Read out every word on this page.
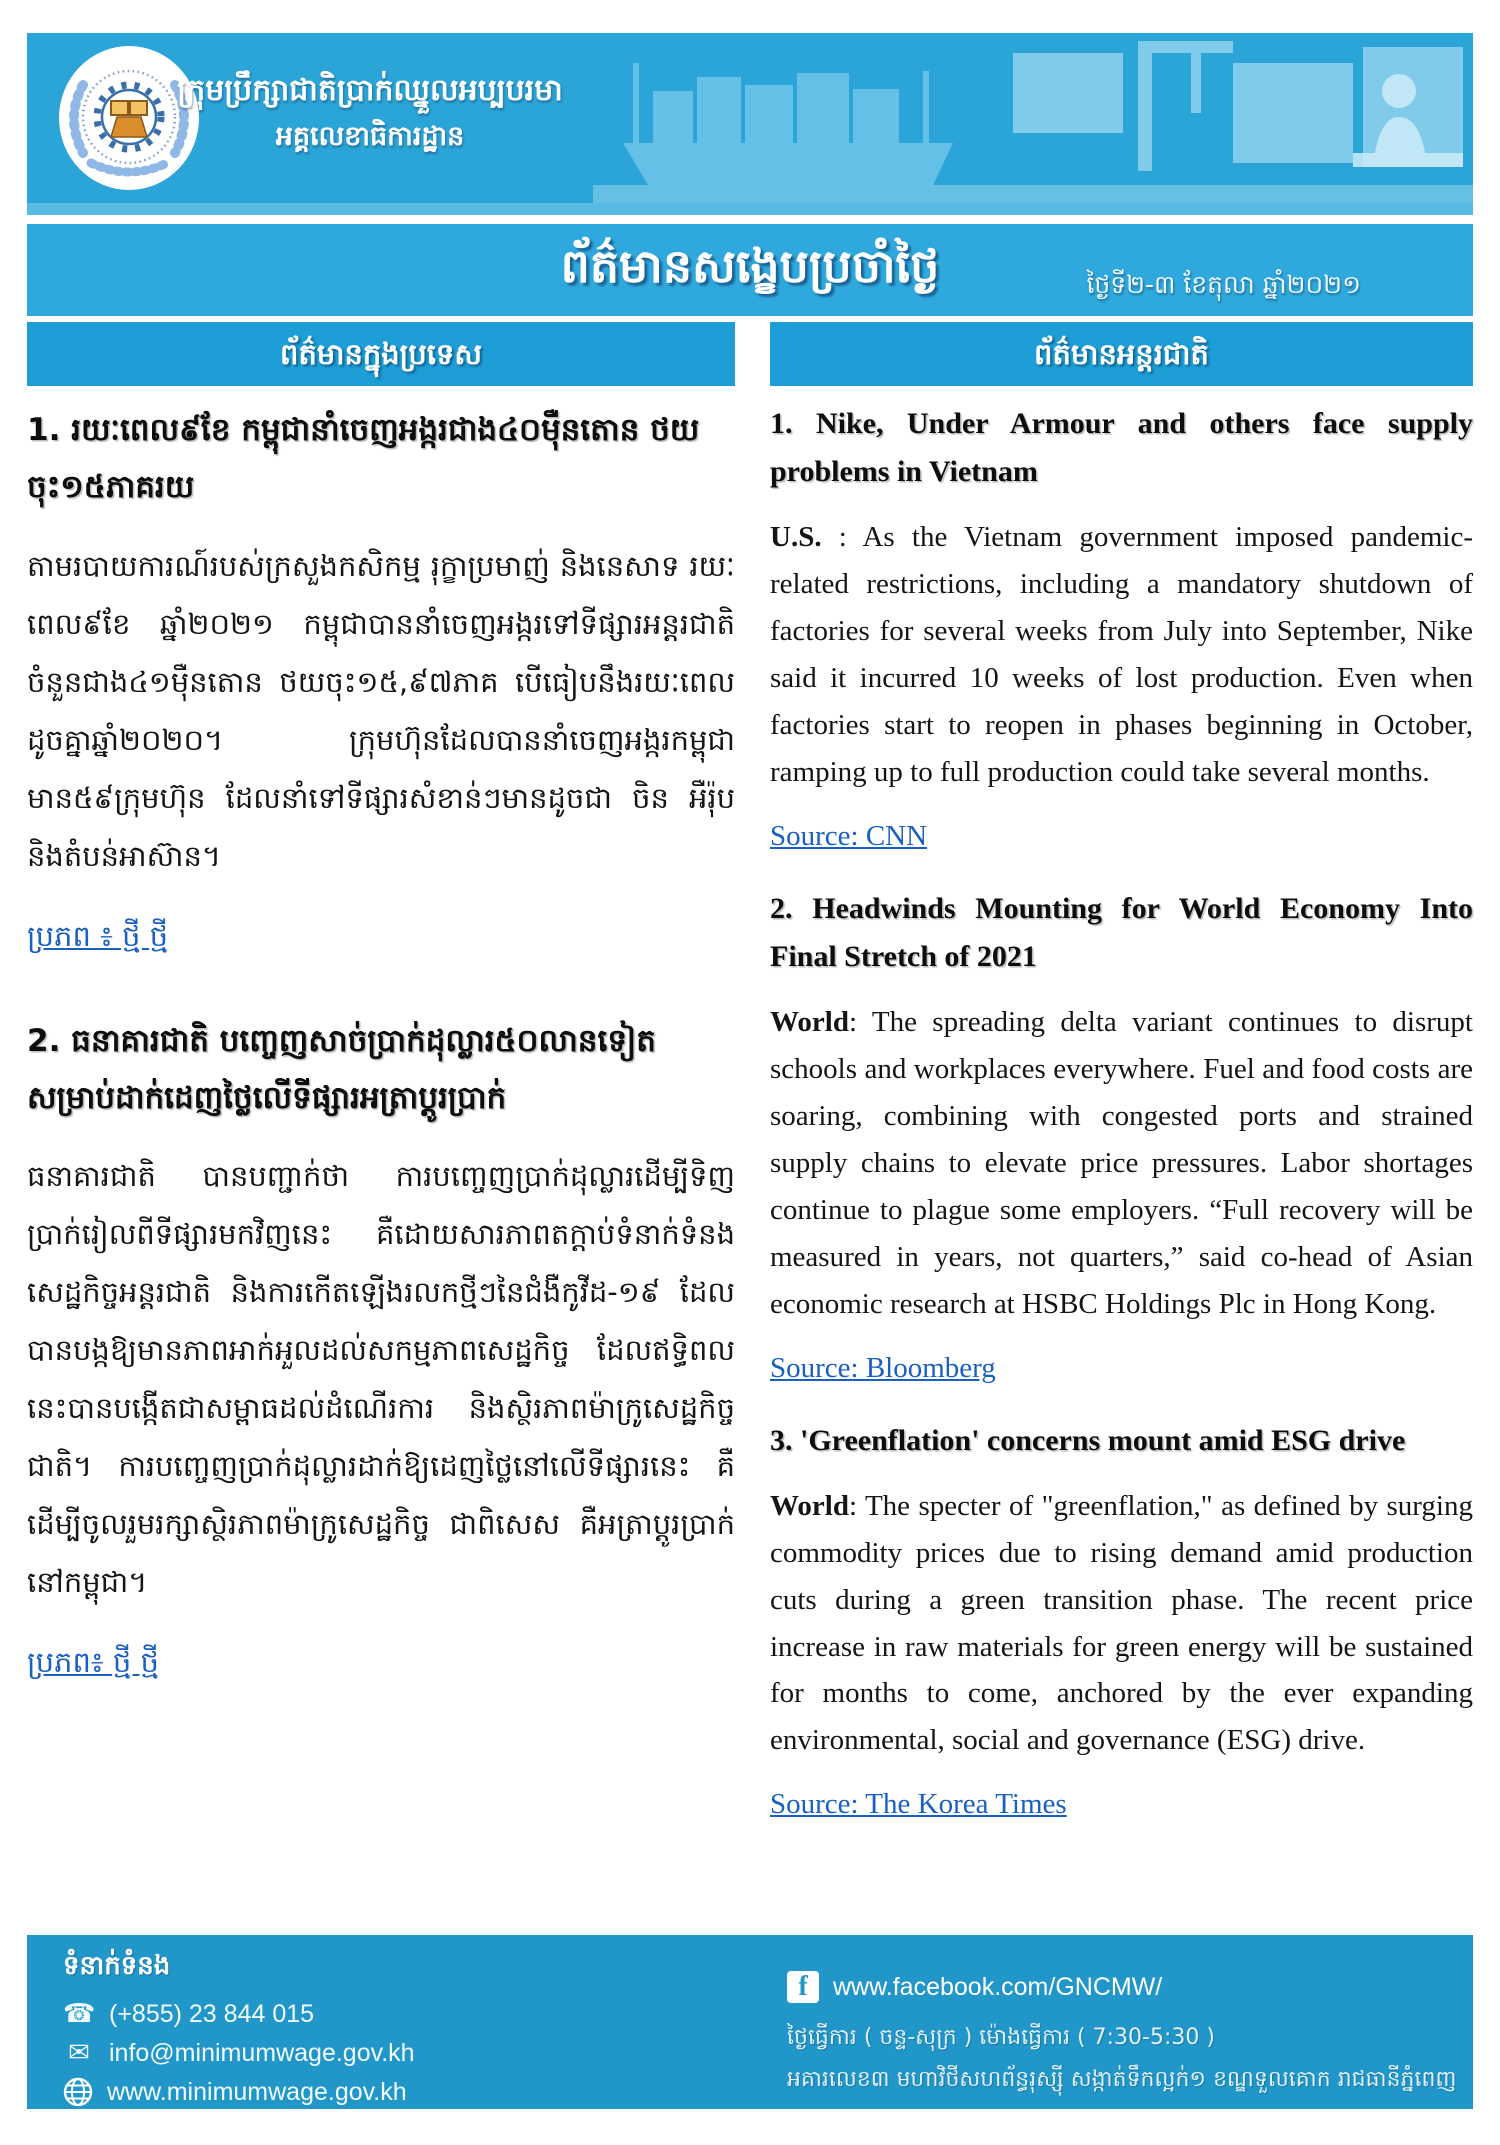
ក្រុមប្រឹក្សាជាតិប្រាក់ឈ្នួលអប្បបរមា
អគ្គលេខាធិការដ្ឋាន
ព័ត៌មានសង្ខេបប្រចាំថ្ងៃ	ថ្ងៃទី២-៣ ខែតុលា ឆ្នាំ២០២១
ព័ត៌មានក្នុងប្រទេស	ព័ត៌មានអន្តរជាតិ
1. រយៈពេល៩ខែ កម្ពុជានាំចេញអង្ករជាង៤០ម៉ឺនតោន ថយចុះ១៥ភាគរយ

តាមរបាយការណ៍របស់ក្រសួងកសិកម្ម រុក្ខាប្រមាញ់ និងនេសាទ រយៈពេល៩ខែ ឆ្នាំ២០២១ កម្ពុជាបាននាំចេញអង្ករទៅទីផ្សារអន្តរជាតិ ចំនួនជាង៤១ម៉ឺនតោន ថយចុះ១៥,៩៧ភាគ បើធៀបនឹងរយៈពេលដូចគ្នាឆ្នាំ២០២០។ ក្រុមហ៊ុនដែលបាននាំចេញអង្ករកម្ពុជា មាន៥៩ក្រុមហ៊ុន ដែលនាំទៅទីផ្សារសំខាន់ៗមានដូចជា ចិន អឺរ៉ុប និងតំបន់អាស៊ាន។

ប្រភព ៖ ថ្មី ថ្មី
2. ធនាគារជាតិ បញ្ចេញសាច់ប្រាក់ដុល្លារ៥០លានទៀត សម្រាប់ដាក់ដេញថ្លៃលើទីផ្សារអត្រាប្តូរប្រាក់

ធនាគារជាតិ បានបញ្ជាក់ថា ការបញ្ចេញប្រាក់ដុល្លារដើម្បីទិញប្រាក់រៀលពីទីផ្សារមកវិញនេះ គឺដោយសារភាពតក្តាប់ទំនាក់ទំនងសេដ្ឋកិច្ចអន្តរជាតិ និងការកើតឡើងរលកថ្មីៗនៃជំងឺកូវីដ-១៩ ដែលបានបង្កឱ្យមានភាពអាក់អួលដល់សកម្មភាពសេដ្ឋកិច្ច ដែលឥទ្ធិពលនេះបានបង្កើតជាសម្ពាធដល់ដំណើរការ និងស្ថិរភាពម៉ាក្រូសេដ្ឋកិច្ចជាតិ។ ការបញ្ចេញប្រាក់ដុល្លារដាក់ឱ្យដេញថ្លៃនៅលើទីផ្សារនេះ គឺដើម្បីចូលរួមរក្សាស្ថិរភាពម៉ាក្រូសេដ្ឋកិច្ច ជាពិសេស គឺអត្រាប្តូរប្រាក់នៅកម្ពុជា។

ប្រភព៖ ថ្មី ថ្មី
1. Nike, Under Armour and others face supply problems in Vietnam

U.S. : As the Vietnam government imposed pandemic-related restrictions, including a mandatory shutdown of factories for several weeks from July into September, Nike said it incurred 10 weeks of lost production. Even when factories start to reopen in phases beginning in October, ramping up to full production could take several months.

Source: CNN
2. Headwinds Mounting for World Economy Into Final Stretch of 2021

World: The spreading delta variant continues to disrupt schools and workplaces everywhere. Fuel and food costs are soaring, combining with congested ports and strained supply chains to elevate price pressures. Labor shortages continue to plague some employers. “Full recovery will be measured in years, not quarters,” said co-head of Asian economic research at HSBC Holdings Plc in Hong Kong.

Source: Bloomberg
3. 'Greenflation' concerns mount amid ESG drive

World: The specter of "greenflation," as defined by surging commodity prices due to rising demand amid production cuts during a green transition phase. The recent price increase in raw materials for green energy will be sustained for months to come, anchored by the ever expanding environmental, social and governance (ESG) drive.

Source: The Korea Times
ទំនាក់ទំនង
☎ (+855) 23 844 015
✉ info@minimumwage.gov.kh
www.minimumwage.gov.kh
f	www.facebook.com/GNCMW/
ថ្ងៃធ្វើការ ( ចន្ទ-សុក្រ ) ម៉ោងធ្វើការ ( 7:30-5:30 )
អគារលេខ៣ មហាវិថីសហព័ន្ធរុស្ស៊ី សង្កាត់ទឹកល្អក់១ ខណ្ឌទួលគោក រាជធានីភ្នំពេញ
